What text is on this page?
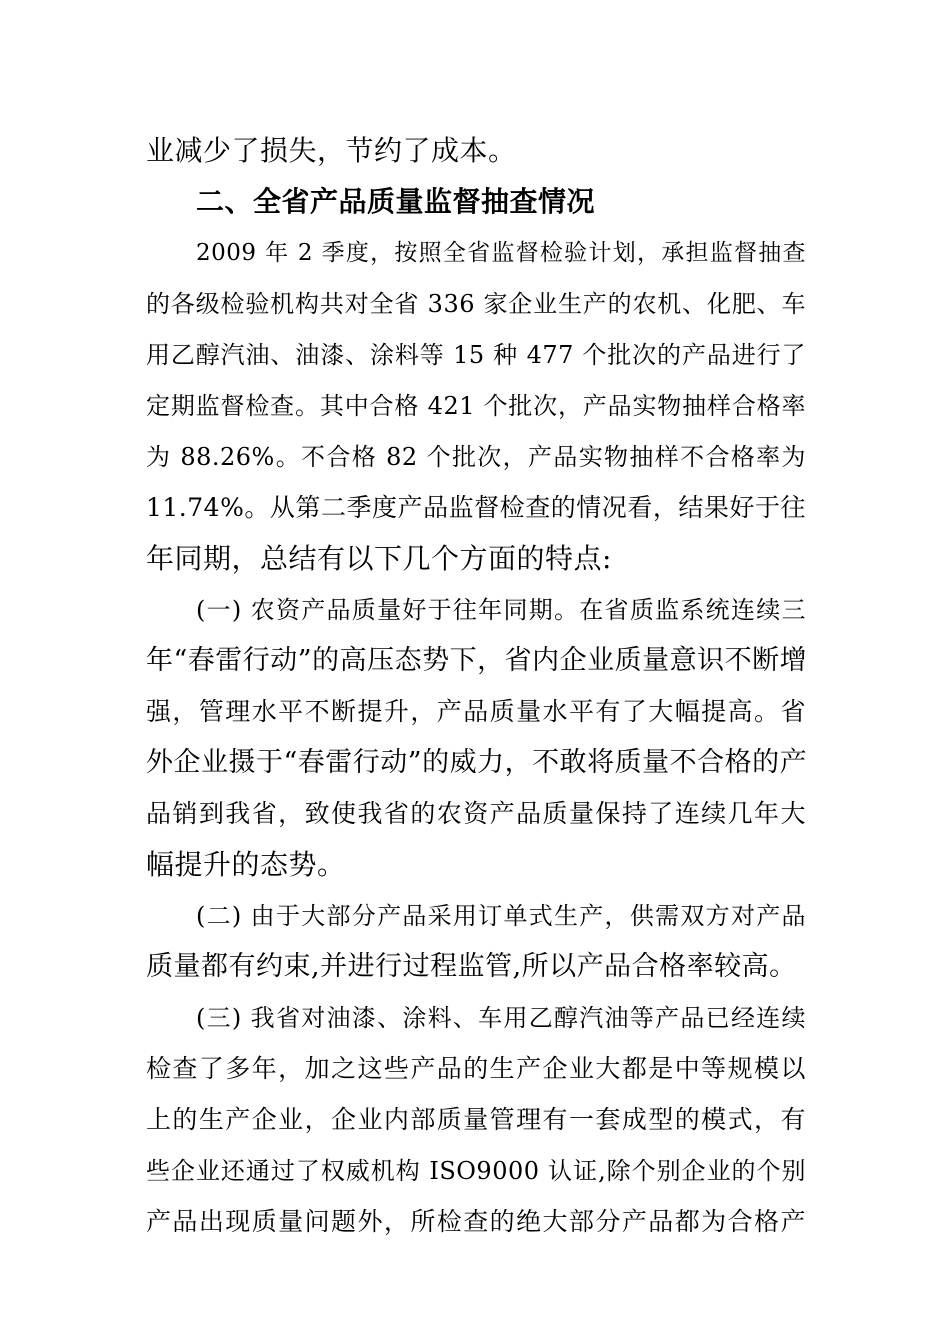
业减少了损失，节约了成本。
二、全省产品质量监督抽查情况
2009 年 2 季度，按照全省监督检验计划，承担监督抽查
的各级检验机构共对全省 336 家企业生产的农机、化肥、车
用乙醇汽油、油漆、涂料等 15 种 477 个批次的产品进行了
定期监督检查。其中合格 421 个批次，产品实物抽样合格率
为 88.26%。不合格 82 个批次，产品实物抽样不合格率为
11.74%。从第二季度产品监督检查的情况看，结果好于往
年同期，总结有以下几个方面的特点:
(一) 农资产品质量好于往年同期。在省质监系统连续三
年“春雷行动”的高压态势下，省内企业质量意识不断增
强，管理水平不断提升，产品质量水平有了大幅提高。省
外企业摄于“春雷行动”的威力，不敢将质量不合格的产
品销到我省，致使我省的农资产品质量保持了连续几年大
幅提升的态势。
(二) 由于大部分产品采用订单式生产，供需双方对产品
质量都有约束,并进行过程监管,所以产品合格率较高。
(三) 我省对油漆、涂料、车用乙醇汽油等产品已经连续
检查了多年，加之这些产品的生产企业大都是中等规模以
上的生产企业，企业内部质量管理有一套成型的模式，有
些企业还通过了权威机构 ISO9000 认证,除个别企业的个别
产品出现质量问题外，所检查的绝大部分产品都为合格产
